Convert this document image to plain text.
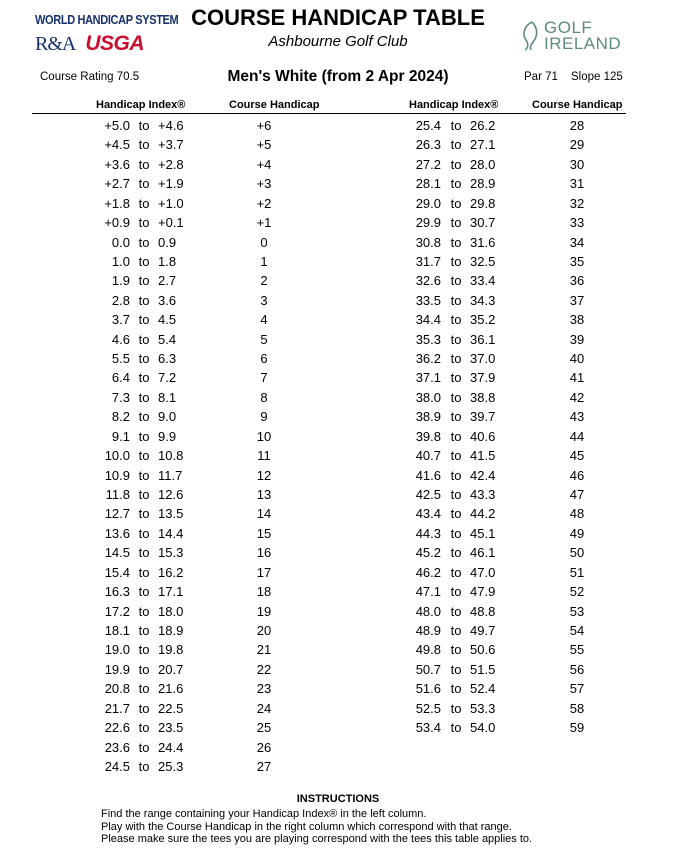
WORLD HANDICAP SYSTEM
R&A USGA
GOLF
IRELAND
COURSE HANDICAP TABLE
Ashbourne Golf Club
Course Rating 70.5	Men's White (from 2 Apr 2024)	Par 71 Slope 125
Handicap Index®	Course Handicap	Handicap Index®	Course Handicap
+5.0 to +4.6	+6
+4.5 to +3.7	+5
+3.6 to +2.8	+4
+2.7 to +1.9	+3
+1.8 to +1.0	+2
+0.9 to +0.1	+1
0.0 to 0.9	0
1.0 to 1.8	1
1.9 to 2.7	2
2.8 to 3.6	3
3.7 to 4.5	4
4.6 to 5.4	5
5.5 to 6.3	6
6.4 to 7.2	7
7.3 to 8.1	8
8.2 to 9.0	9
9.1 to 9.9	10
10.0 to 10.8	11
10.9 to 11.7	12
11.8 to 12.6	13
12.7 to 13.5	14
13.6 to 14.4	15
14.5 to 15.3	16
15.4 to 16.2	17
16.3 to 17.1	18
17.2 to 18.0	19
18.1 to 18.9	20
19.0 to 19.8	21
19.9 to 20.7	22
20.8 to 21.6	23
21.7 to 22.5	24
22.6 to 23.5	25
23.6 to 24.4	26
24.5 to 25.3	27
25.4 to 26.2	28
26.3 to 27.1	29
27.2 to 28.0	30
28.1 to 28.9	31
29.0 to 29.8	32
29.9 to 30.7	33
30.8 to 31.6	34
31.7 to 32.5	35
32.6 to 33.4	36
33.5 to 34.3	37
34.4 to 35.2	38
35.3 to 36.1	39
36.2 to 37.0	40
37.1 to 37.9	41
38.0 to 38.8	42
38.9 to 39.7	43
39.8 to 40.6	44
40.7 to 41.5	45
41.6 to 42.4	46
42.5 to 43.3	47
43.4 to 44.2	48
44.3 to 45.1	49
45.2 to 46.1	50
46.2 to 47.0	51
47.1 to 47.9	52
48.0 to 48.8	53
48.9 to 49.7	54
49.8 to 50.6	55
50.7 to 51.5	56
51.6 to 52.4	57
52.5 to 53.3	58
53.4 to 54.0	59
INSTRUCTIONS
Find the range containing your Handicap Index® in the left column.
Play with the Course Handicap in the right column which correspond with that range.
Please make sure the tees you are playing correspond with the tees this table applies to.
